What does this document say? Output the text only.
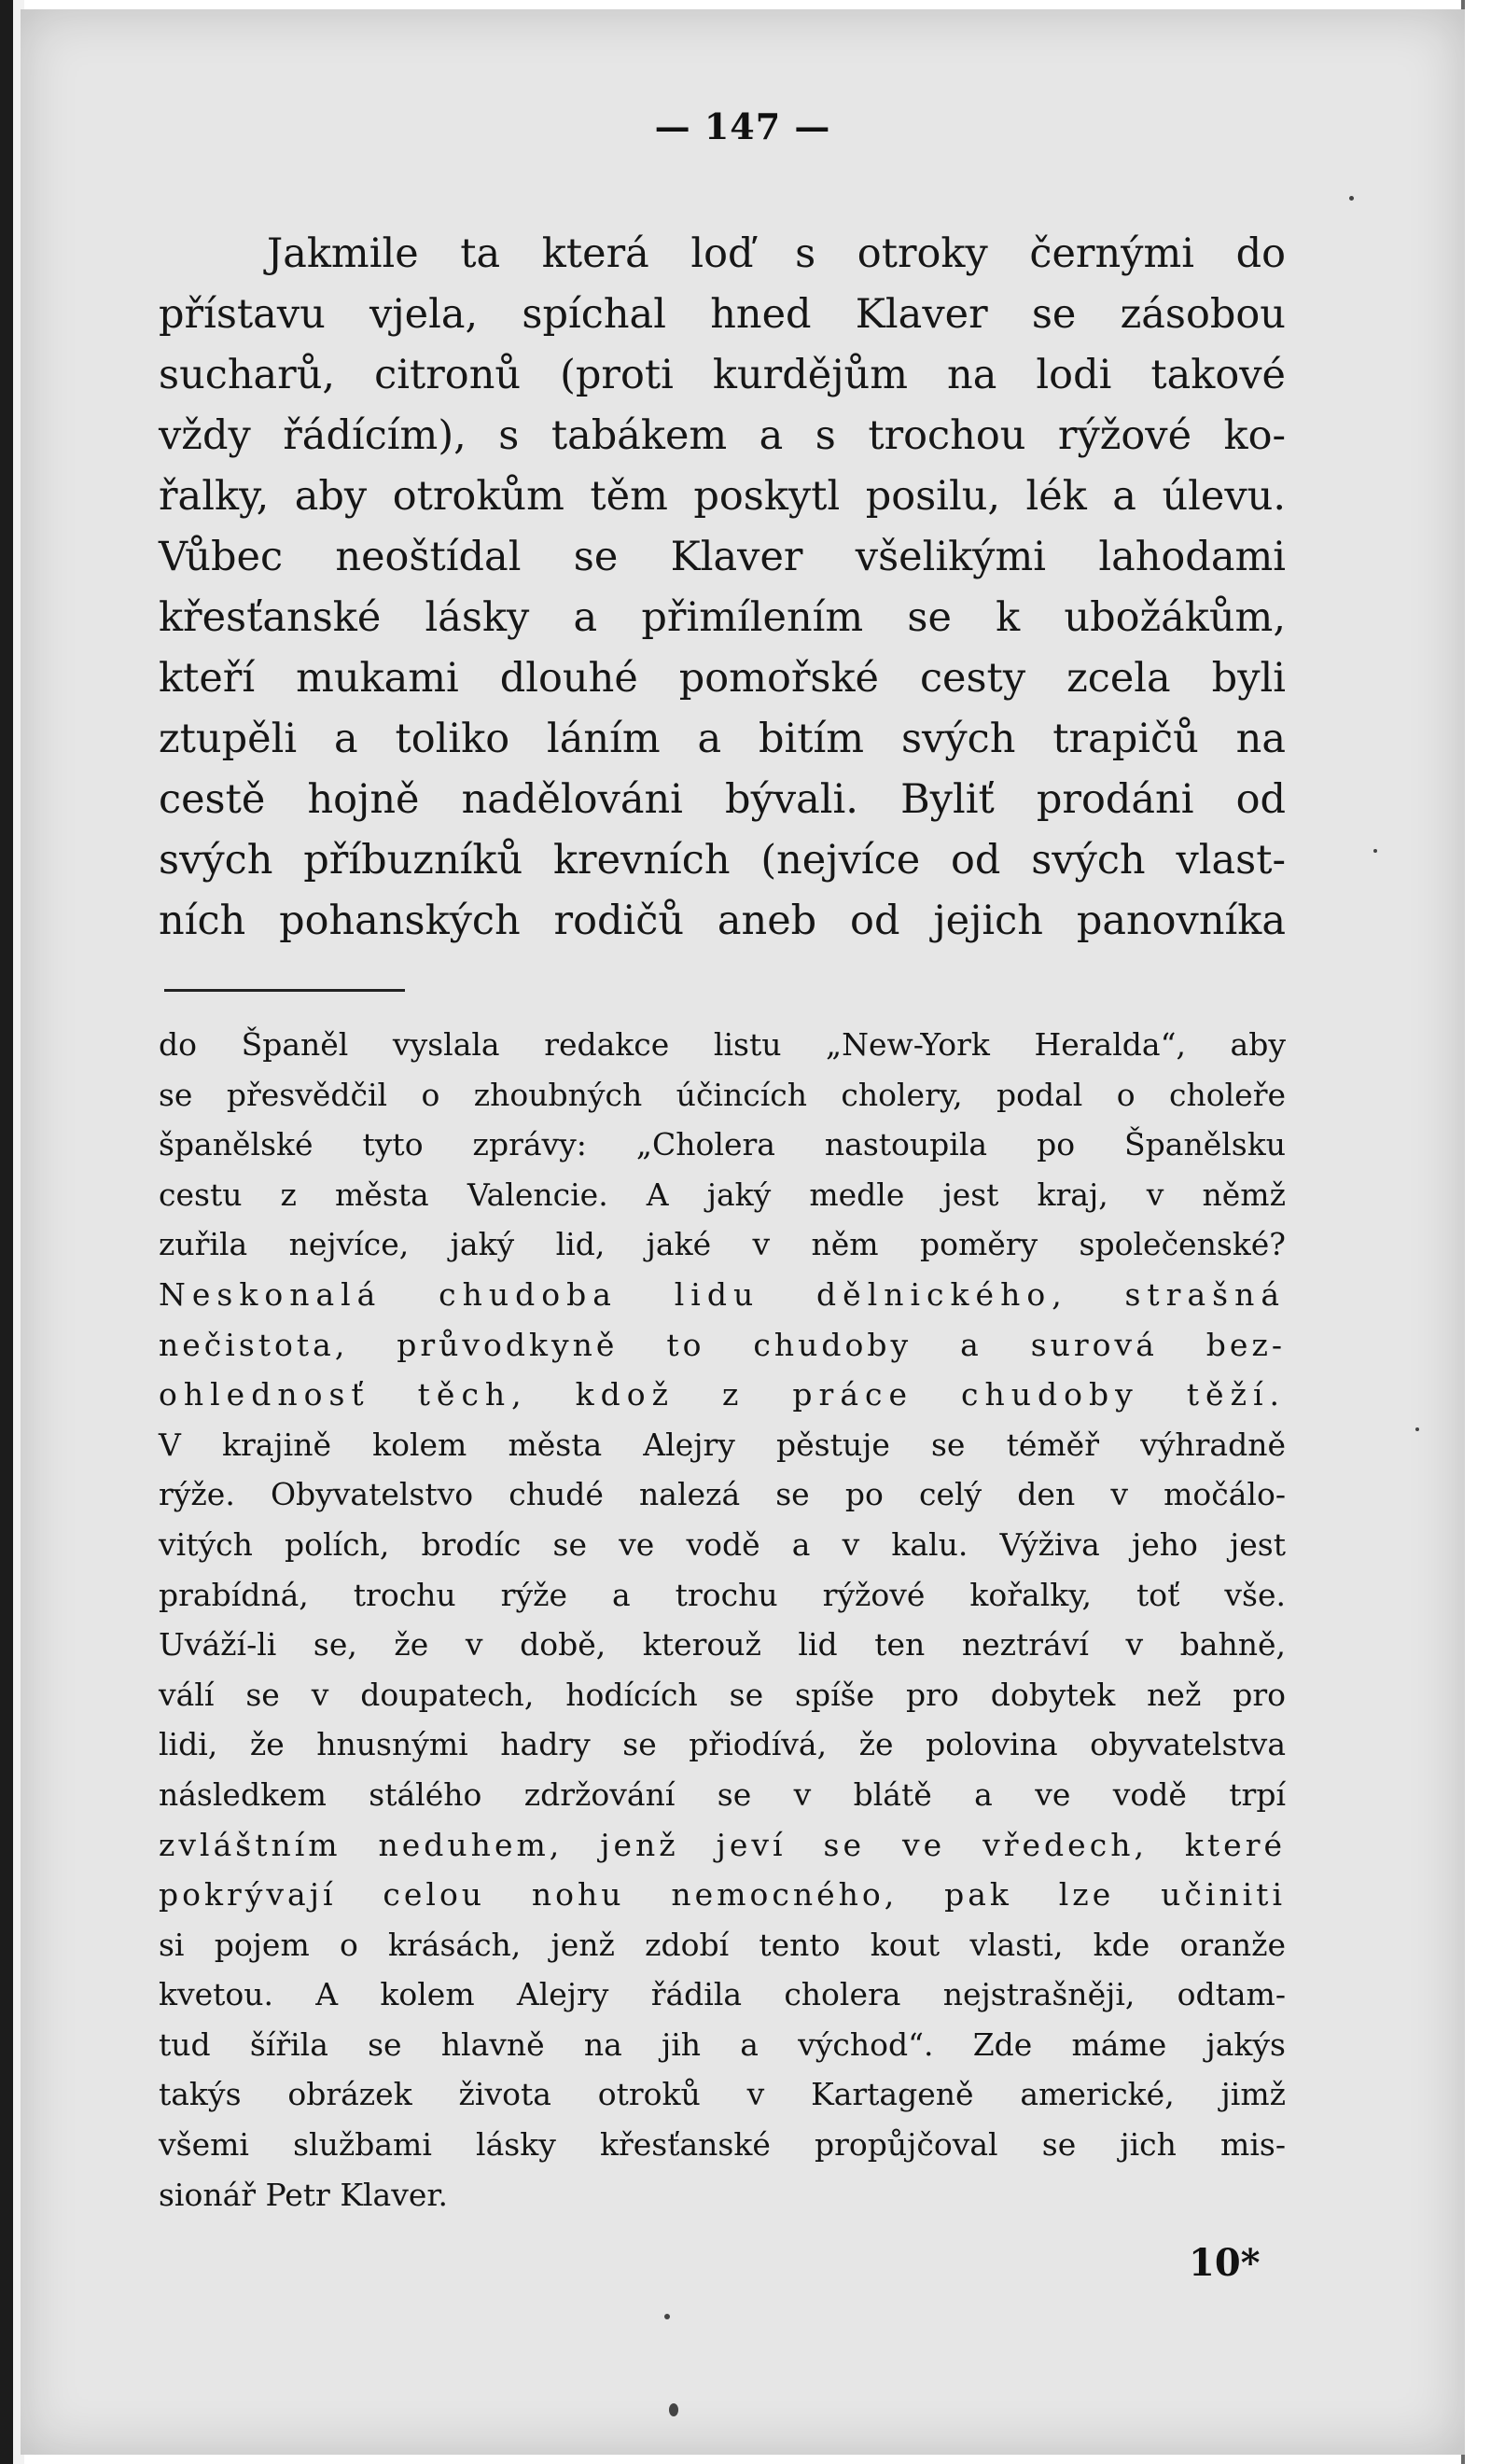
— 147 —
Jakmile ta která loď s otroky černými do
přístavu vjela, spíchal hned Klaver se zásobou
sucharů, citronů (proti kurdějům na lodi takové
vždy řádícím), s tabákem a s trochou rýžové ko-
řalky, aby otrokům těm poskytl posilu, lék a úlevu.
Vůbec neoštídal se Klaver všelikými lahodami
křesťanské lásky a přimílením se k ubožákům,
kteří mukami dlouhé pomořské cesty zcela byli
ztupěli a toliko láním a bitím svých trapičů na
cestě hojně nadělováni bývali. Byliť prodáni od
svých příbuzníků krevních (nejvíce od svých vlast-
ních pohanských rodičů aneb od jejich panovníka
do Španěl vyslala redakce listu „New-York Heralda“, aby
se přesvědčil o zhoubných účincích cholery, podal o choleře
španělské tyto zprávy: „Cholera nastoupila po Španělsku
cestu z města Valencie. A jaký medle jest kraj, v němž
zuřila nejvíce, jaký lid, jaké v něm poměry společenské?
Neskonalá chudoba lidu dělnického, strašná
nečistota, průvodkyně to chudoby a surová bez-
ohlednosť těch, kdož z práce chudoby těží.
V krajině kolem města Alejry pěstuje se téměř výhradně
rýže. Obyvatelstvo chudé nalezá se po celý den v močálo-
vitých polích, brodíc se ve vodě a v kalu. Výživa jeho jest
prabídná, trochu rýže a trochu rýžové kořalky, toť vše.
Uváží-li se, že v době, kterouž lid ten neztráví v bahně,
válí se v doupatech, hodících se spíše pro dobytek než pro
lidi, že hnusnými hadry se přiodívá, že polovina obyvatelstva
následkem stálého zdržování se v blátě a ve vodě trpí
zvláštním neduhem, jenž jeví se ve vředech, které
pokrývají celou nohu nemocného, pak lze učiniti
si pojem o krásách, jenž zdobí tento kout vlasti, kde oranže
kvetou. A kolem Alejry řádila cholera nejstrašněji, odtam-
tud šířila se hlavně na jih a východ“. Zde máme jakýs
takýs obrázek života otroků v Kartageně americké, jimž
všemi službami lásky křesťanské propůjčoval se jich mis-
sionář Petr Klaver.
10*
